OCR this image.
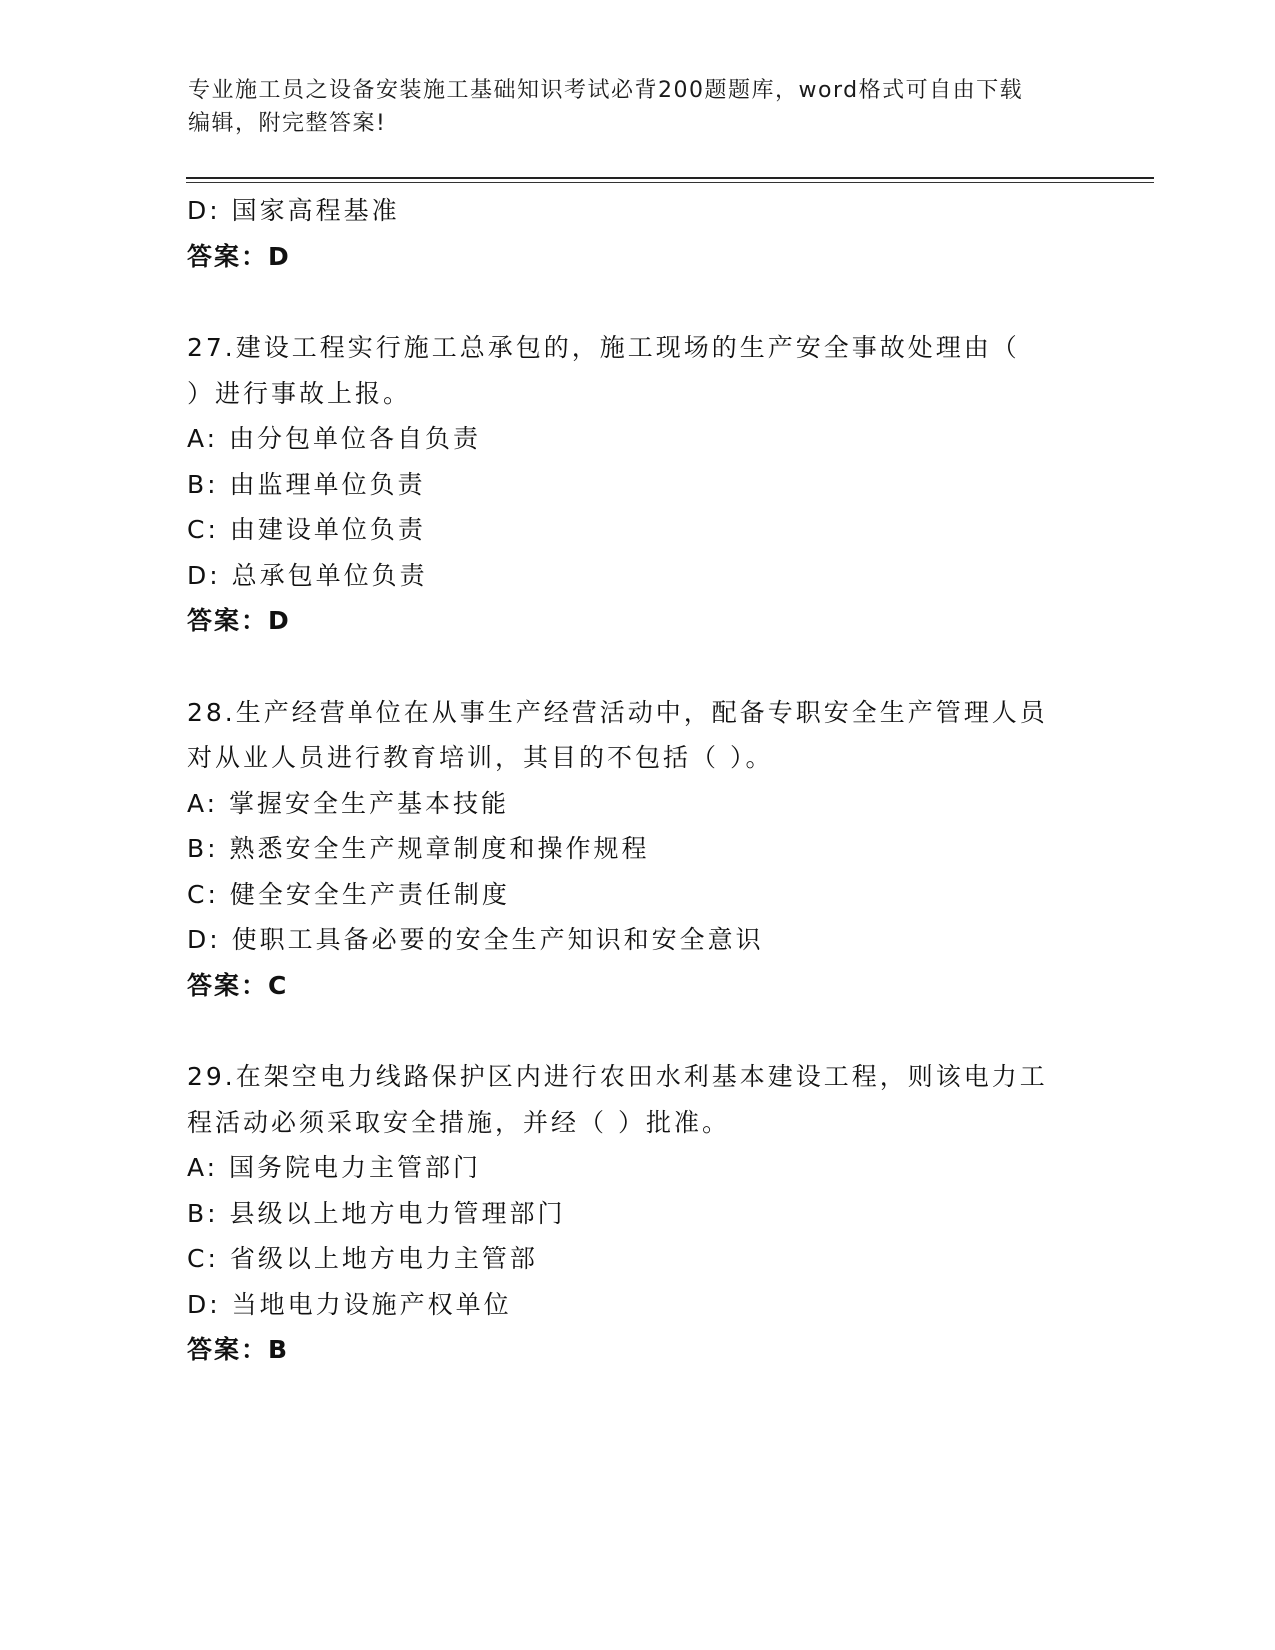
专业施工员之设备安装施工基础知识考试必背200题题库，word格式可自由下载
编辑，附完整答案!
D: 国家高程基准
答案：D
27.建设工程实行施工总承包的，施工现场的生产安全事故处理由（
）进行事故上报。
A: 由分包单位各自负责
B: 由监理单位负责
C: 由建设单位负责
D: 总承包单位负责
答案：D
28.生产经营单位在从事生产经营活动中，配备专职安全生产管理人员
对从业人员进行教育培训，其目的不包括（ ）。
A: 掌握安全生产基本技能
B: 熟悉安全生产规章制度和操作规程
C: 健全安全生产责任制度
D: 使职工具备必要的安全生产知识和安全意识
答案：C
29.在架空电力线路保护区内进行农田水利基本建设工程，则该电力工
程活动必须采取安全措施，并经（ ）批准。
A: 国务院电力主管部门
B: 县级以上地方电力管理部门
C: 省级以上地方电力主管部
D: 当地电力设施产权单位
答案：B
